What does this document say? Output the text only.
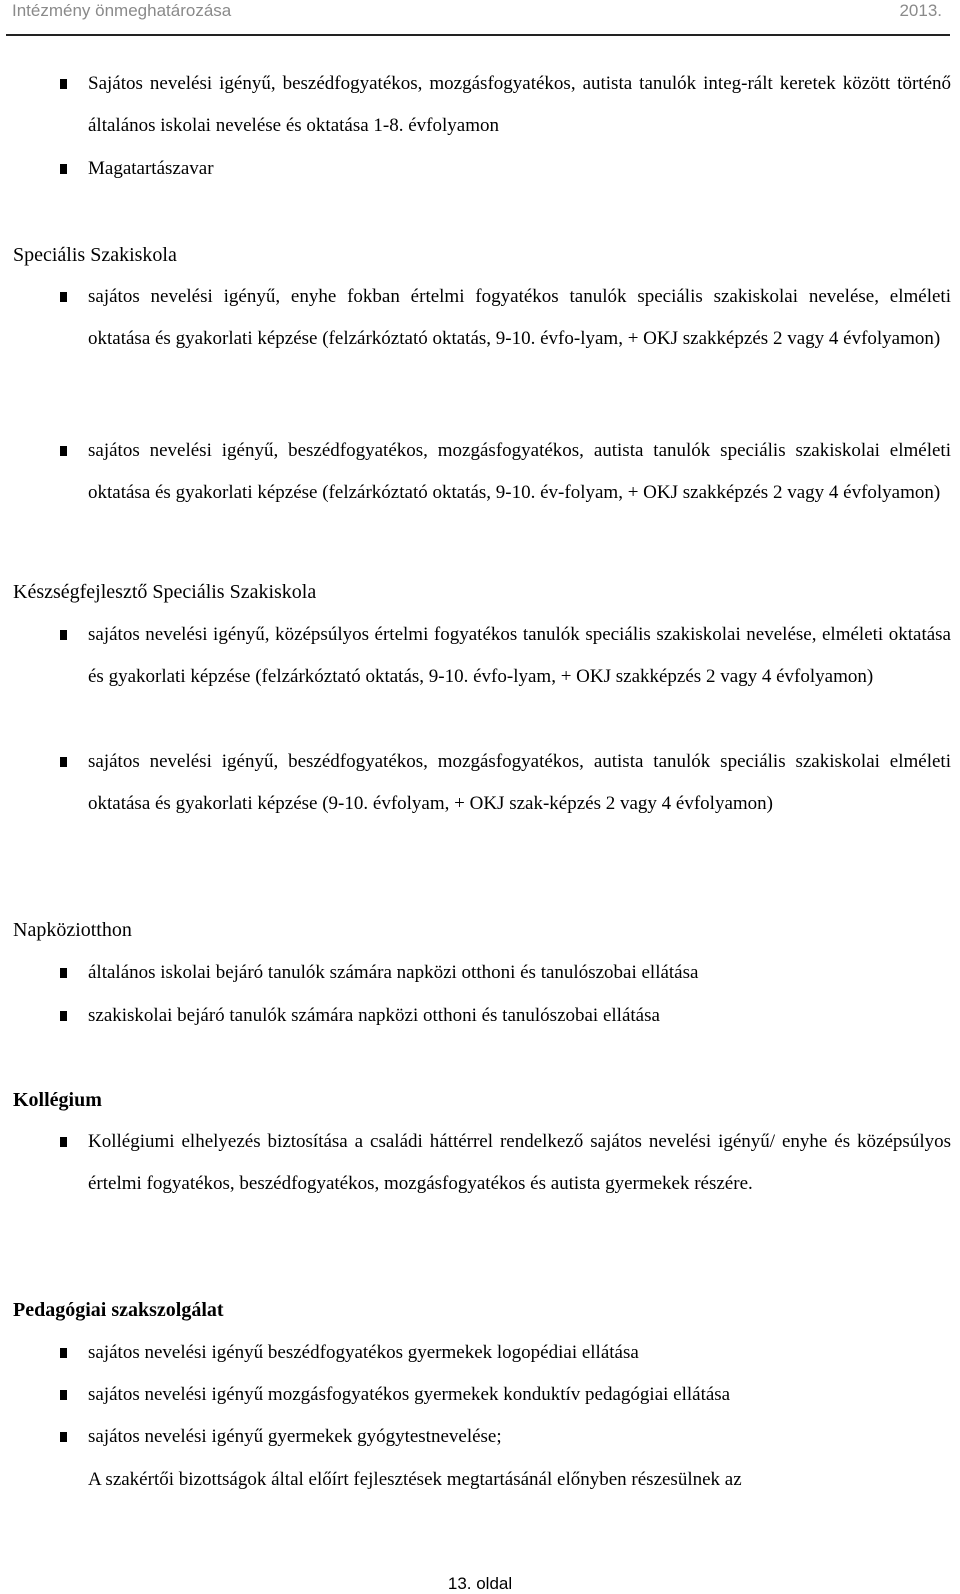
Intézmény önmeghatározása	2013.
Sajátos nevelési igényű, beszédfogyatékos, mozgásfogyatékos, autista tanulók integ-rált keretek között történő általános iskolai nevelése és oktatása 1-8. évfolyamon
Magatartászavar
Speciális Szakiskola
sajátos nevelési igényű, enyhe fokban értelmi fogyatékos tanulók speciális szakiskolai nevelése, elméleti oktatása és gyakorlati képzése (felzárkóztató oktatás, 9-10. évfo-lyam, + OKJ szakképzés 2 vagy 4 évfolyamon)
sajátos nevelési igényű, beszédfogyatékos, mozgásfogyatékos, autista tanulók speciális szakiskolai elméleti oktatása és gyakorlati képzése (felzárkóztató oktatás, 9-10. év-folyam, + OKJ szakképzés 2 vagy 4 évfolyamon)
Készségfejlesztő Speciális Szakiskola
sajátos nevelési igényű, középsúlyos értelmi fogyatékos tanulók speciális szakiskolai nevelése, elméleti oktatása és gyakorlati képzése (felzárkóztató oktatás, 9-10. évfo-lyam, + OKJ szakképzés 2 vagy 4 évfolyamon)
sajátos nevelési igényű, beszédfogyatékos, mozgásfogyatékos, autista tanulók speciális szakiskolai elméleti oktatása és gyakorlati képzése (9-10. évfolyam, + OKJ szak-képzés 2 vagy 4 évfolyamon)
Napköziotthon
általános iskolai bejáró tanulók számára napközi otthoni és tanulószobai ellátása
szakiskolai bejáró tanulók számára napközi otthoni és tanulószobai ellátása
Kollégium
Kollégiumi elhelyezés biztosítása a családi háttérrel rendelkező sajátos nevelési igényű/ enyhe és középsúlyos értelmi fogyatékos, beszédfogyatékos, mozgásfogyatékos és autista gyermekek részére.
Pedagógiai szakszolgálat
sajátos nevelési igényű beszédfogyatékos gyermekek logopédiai ellátása
sajátos nevelési igényű mozgásfogyatékos gyermekek konduktív pedagógiai ellátása
sajátos nevelési igényű gyermekek gyógytestnevelése;
A szakértői bizottságok által előírt fejlesztések megtartásánál előnyben részesülnek az
13. oldal
